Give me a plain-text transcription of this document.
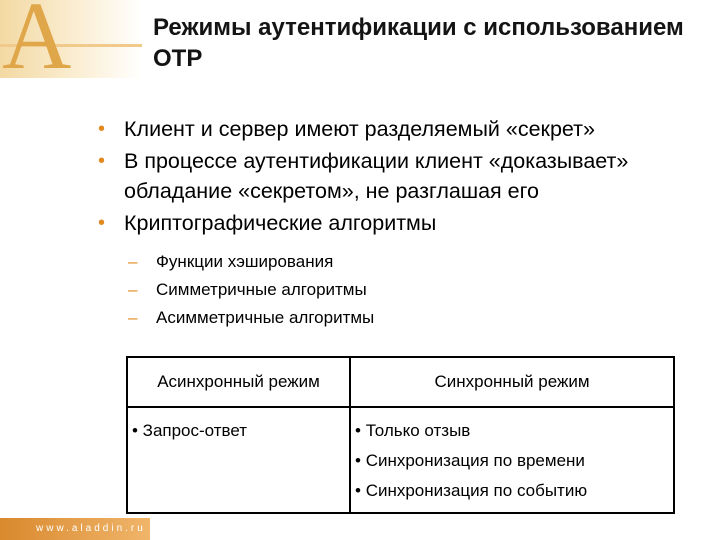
A	Режимы аутентификации с использованием OTP
• Клиент и сервер имеют разделяемый «секрет»
• В процессе аутентификации клиент «доказывает» обладание «секретом», не разглашая его
• Криптографические алгоритмы
– Функции хэширования
– Симметричные алгоритмы
– Асимметричные алгоритмы
Асинхронный режим	Синхронный режим

• Запрос-ответ	• Только отзыв
• Синхронизация по времени
• Синхронизация по событию
www.aladdin.ru
